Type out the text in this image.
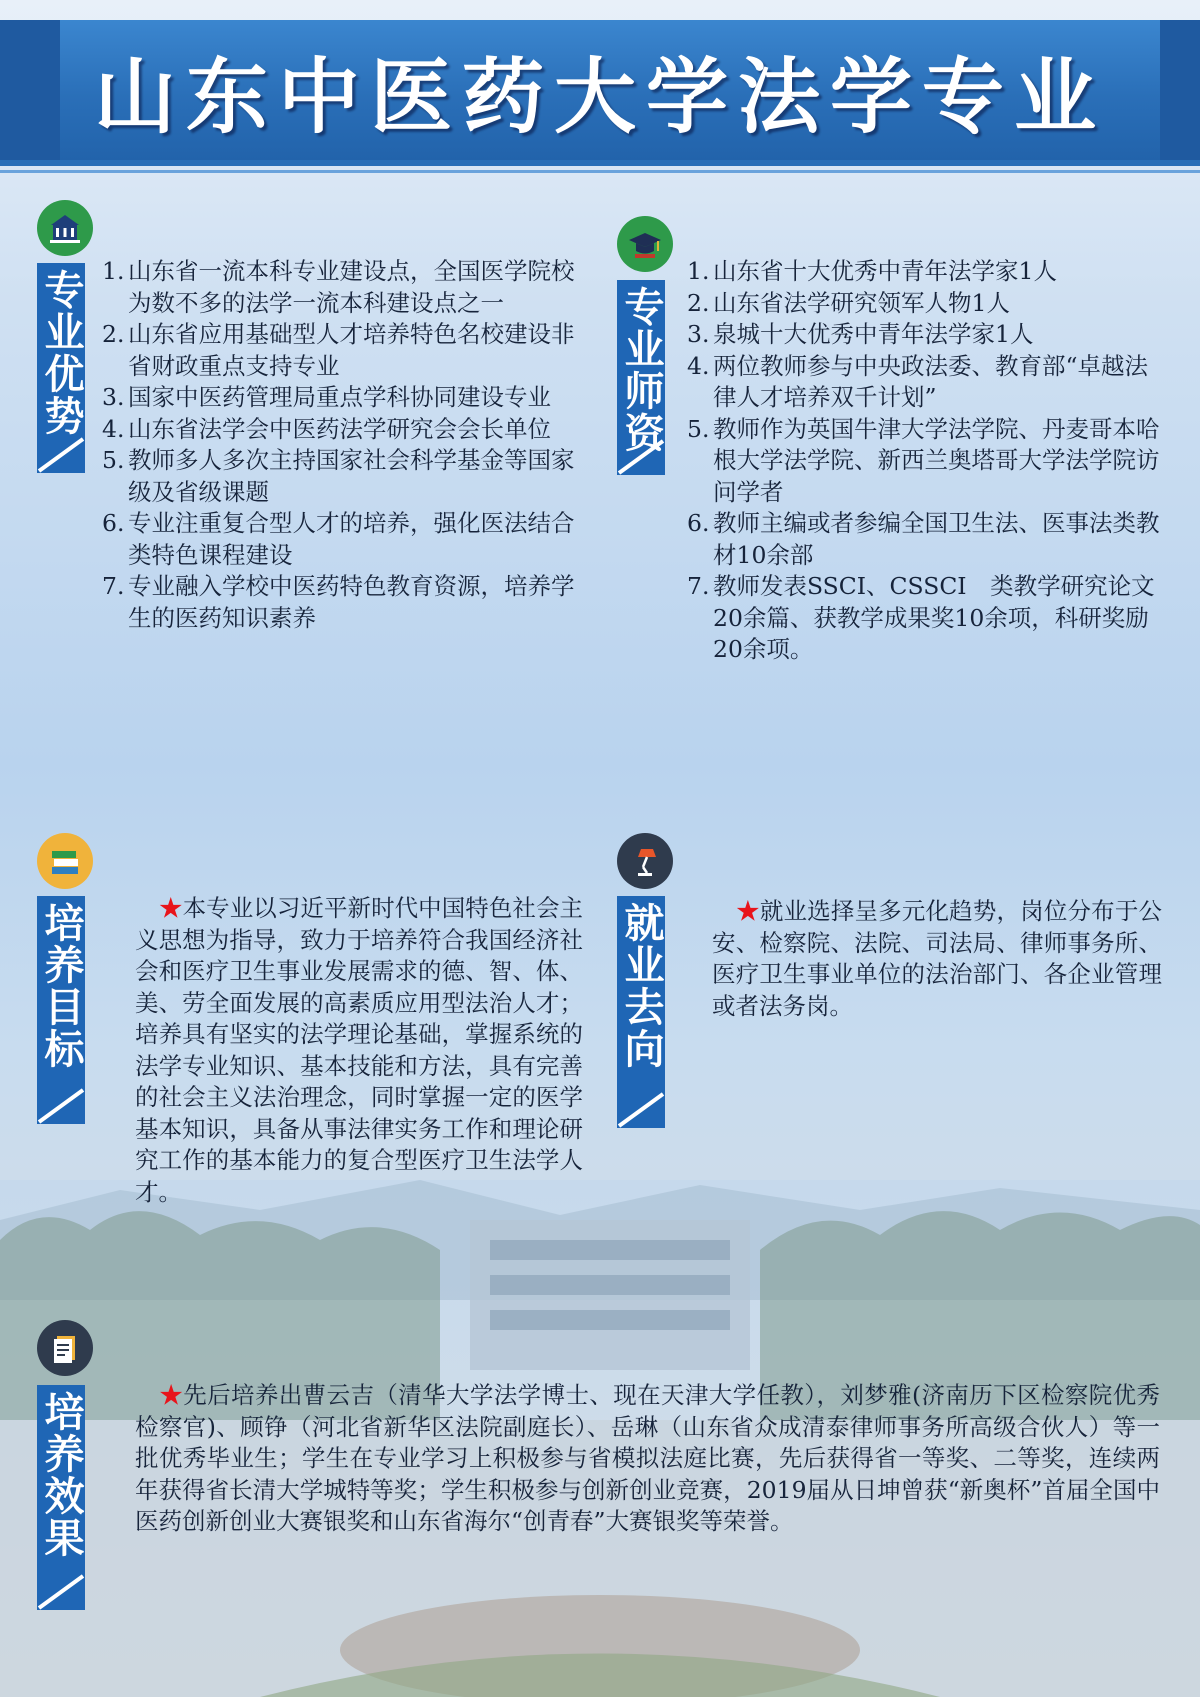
山东中医药大学法学专业
专业优势 1. 山东省一流本科专业建设点，全国医学院校为数不多的法学一流本科建设点之一
2. 山东省应用基础型人才培养特色名校建设非省财政重点支持专业
3. 国家中医药管理局重点学科协同建设专业
4. 山东省法学会中医药法学研究会会长单位
5. 教师多人多次主持国家社会科学基金等国家级及省级课题
6. 专业注重复合型人才的培养，强化医法结合类特色课程建设
7. 专业融入学校中医药特色教育资源，培养学生的医药知识素养
专业师资
1. 山东省十大优秀中青年法学家1人
2. 山东省法学研究领军人物1人
3. 泉城十大优秀中青年法学家1人
4. 两位教师参与中央政法委、教育部“卓越法律人才培养双千计划”
5. 教师作为英国牛津大学法学院、丹麦哥本哈根大学法学院、新西兰奥塔哥大学法学院访问学者
6. 教师主编或者参编全国卫生法、医事法类教材10余部
7. 教师发表SSCI、CSSCI　类教学研究论文20余篇、获教学成果奖10余项，科研奖励20余项。
培养目标	★本专业以习近平新时代中国特色社会主义思想为指导，致力于培养符合我国经济社会和医疗卫生事业发展需求的德、智、体、美、劳全面发展的高素质应用型法治人才；培养具有坚实的法学理论基础，掌握系统的法学专业知识、基本技能和方法，具有完善的社会主义法治理念，同时掌握一定的医学基本知识，具备从事法律实务工作和理论研究工作的基本能力的复合型医疗卫生法学人才。

就业去向	★就业选择呈多元化趋势，岗位分布于公安、检察院、法院、司法局、律师事务所、医疗卫生事业单位的法治部门、各企业管理或者法务岗。

培养效果	★先后培养出曹云吉（清华大学法学博士、现在天津大学任教），刘梦雅(济南历下区检察院优秀检察官)、顾铮（河北省新华区法院副庭长）、岳琳（山东省众成清泰律师事务所高级合伙人）等一批优秀毕业生；学生在专业学习上积极参与省模拟法庭比赛，先后获得省一等奖、二等奖，连续两年获得省长清大学城特等奖；学生积极参与创新创业竞赛，2019届从日坤曾获“新奥杯”首届全国中医药创新创业大赛银奖和山东省海尔“创青春”大赛银奖等荣誉。
